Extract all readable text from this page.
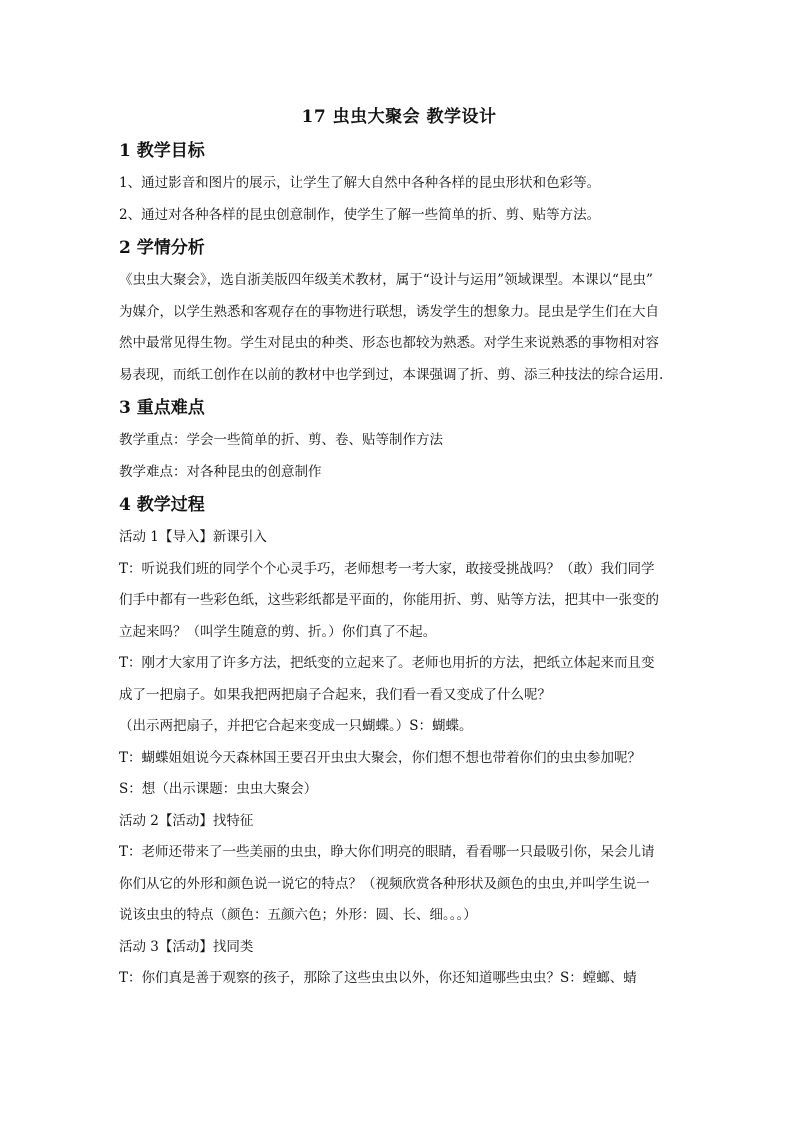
17 虫虫大聚会 教学设计
1 教学目标
1、通过影音和图片的展示，让学生了解大自然中各种各样的昆虫形状和色彩等。
2、通过对各种各样的昆虫创意制作，使学生了解一些简单的折、剪、贴等方法。
2 学情分析
《虫虫大聚会》，选自浙美版四年级美术教材，属于“设计与运用”领域课型。本课以“昆虫”
为媒介，以学生熟悉和客观存在的事物进行联想，诱发学生的想象力。昆虫是学生们在大自
然中最常见得生物。学生对昆虫的种类、形态也都较为熟悉。对学生来说熟悉的事物相对容
易表现，而纸工创作在以前的教材中也学到过，本课强调了折、剪、添三种技法的综合运用.
3 重点难点
教学重点：学会一些简单的折、剪、卷、贴等制作方法
教学难点：对各种昆虫的创意制作
4 教学过程
活动 1【导入】新课引入
T：听说我们班的同学个个心灵手巧，老师想考一考大家，敢接受挑战吗？（敢）我们同学
们手中都有一些彩色纸，这些彩纸都是平面的，你能用折、剪、贴等方法，把其中一张变的
立起来吗？（叫学生随意的剪、折。）你们真了不起。
T：刚才大家用了许多方法，把纸变的立起来了。老师也用折的方法，把纸立体起来而且变
成了一把扇子。如果我把两把扇子合起来，我们看一看又变成了什么呢？
（出示两把扇子，并把它合起来变成一只蝴蝶。）S：蝴蝶。
T：蝴蝶姐姐说今天森林国王要召开虫虫大聚会，你们想不想也带着你们的虫虫参加呢？
S：想（出示课题：虫虫大聚会）
活动 2【活动】找特征
T：老师还带来了一些美丽的虫虫，睁大你们明亮的眼睛，看看哪一只最吸引你，呆会儿请
你们从它的外形和颜色说一说它的特点？（视频欣赏各种形状及颜色的虫虫,并叫学生说一
说该虫虫的特点（颜色：五颜六色；外形：圆、长、细。。。）
活动 3【活动】找同类
T：你们真是善于观察的孩子，那除了这些虫虫以外，你还知道哪些虫虫？S：螳螂、蜻
